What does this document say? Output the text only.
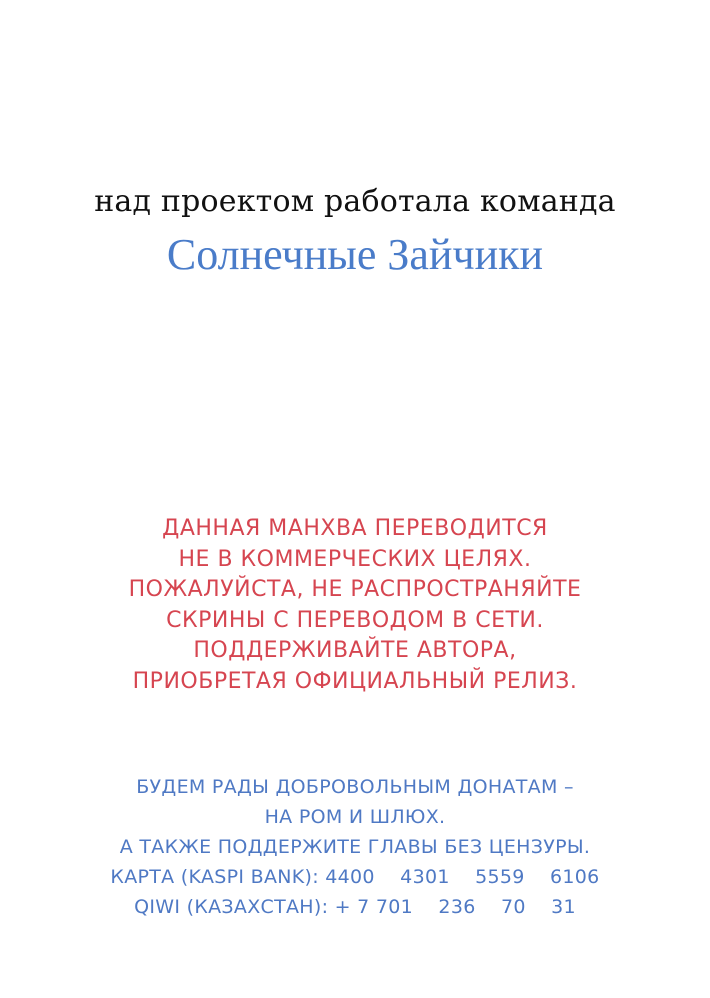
над проектом работала команда
Солнечные Зайчики
ДАННАЯ МАНХВА ПЕРЕВОДИТСЯ
НЕ В КОММЕРЧЕСКИХ ЦЕЛЯХ.
ПОЖАЛУЙСТА, НЕ РАСПРОСТРАНЯЙТЕ
СКРИНЫ С ПЕРЕВОДОМ В СЕТИ.
ПОДДЕРЖИВАЙТЕ АВТОРА,
ПРИОБРЕТАЯ ОФИЦИАЛЬНЫЙ РЕЛИЗ.
БУДЕМ РАДЫ ДОБРОВОЛЬНЫМ ДОНАТАМ –
НА РОМ И ШЛЮХ.
А ТАКЖЕ ПОДДЕРЖИТЕ ГЛАВЫ БЕЗ ЦЕНЗУРЫ.
КАРТА (KASPI BANK): 4400    4301    5559    6106
QIWI (КАЗАХСТАН): + 7 701    236    70    31
